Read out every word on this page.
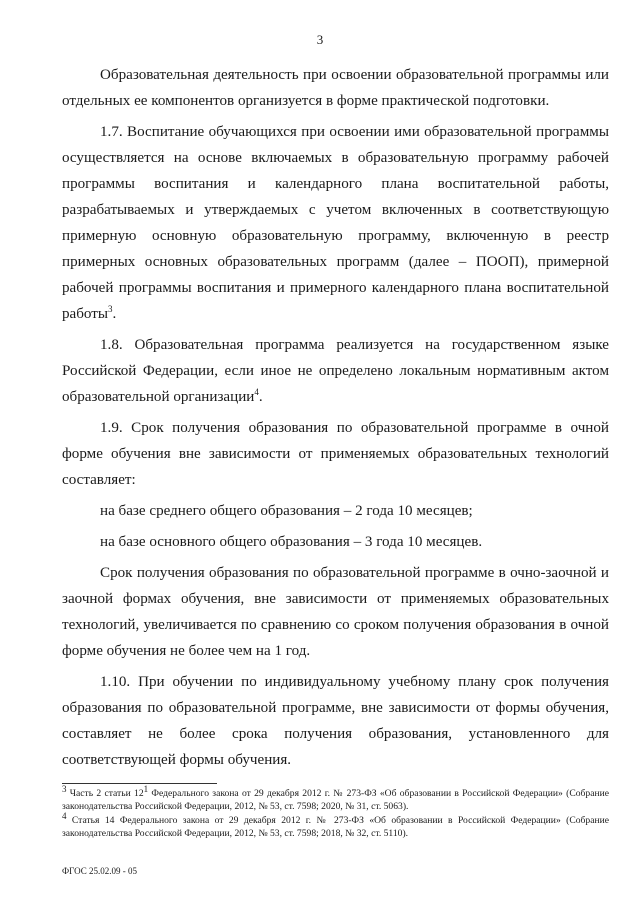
3

Образовательная деятельность при освоении образовательной программы или отдельных ее компонентов организуется в форме практической подготовки.

1.7. Воспитание обучающихся при освоении ими образовательной программы осуществляется на основе включаемых в образовательную программу рабочей программы воспитания и календарного плана воспитательной работы, разрабатываемых и утверждаемых с учетом включенных в соответствующую примерную основную образовательную программу, включенную в реестр примерных основных образовательных программ (далее – ПООП), примерной рабочей программы воспитания и примерного календарного плана воспитательной работы$^3$.

1.8. Образовательная программа реализуется на государственном языке Российской Федерации, если иное не определено локальным нормативным актом образовательной организации$^4$.

1.9. Срок получения образования по образовательной программе в очной форме обучения вне зависимости от применяемых образовательных технологий составляет:

на базе среднего общего образования – 2 года 10 месяцев;

на базе основного общего образования – 3 года 10 месяцев.

Срок получения образования по образовательной программе в очно-заочной и заочной формах обучения, вне зависимости от применяемых образовательных технологий, увеличивается по сравнению со сроком получения образования в очной форме обучения не более чем на 1 год.

1.10. При обучении по индивидуальному учебному плану срок получения образования по образовательной программе, вне зависимости от формы обучения, составляет не более срока получения образования, установленного для соответствующей формы обучения.

$^3$ Часть 2 статьи $12^1$ Федерального закона от 29 декабря 2012 г. № 273-ФЗ «Об образовании в Российской Федерации» (Собрание законодательства Российской Федерации, 2012, № 53, ст. 7598; 2020, № 31, ст. 5063).

$^4$ Статья 14 Федерального закона от 29 декабря 2012 г. № 273-ФЗ «Об образовании в Российской Федерации» (Собрание законодательства Российской Федерации, 2012, № 53, ст. 7598; 2018, № 32, ст. 5110).

ФГОС 25.02.09 - 05
